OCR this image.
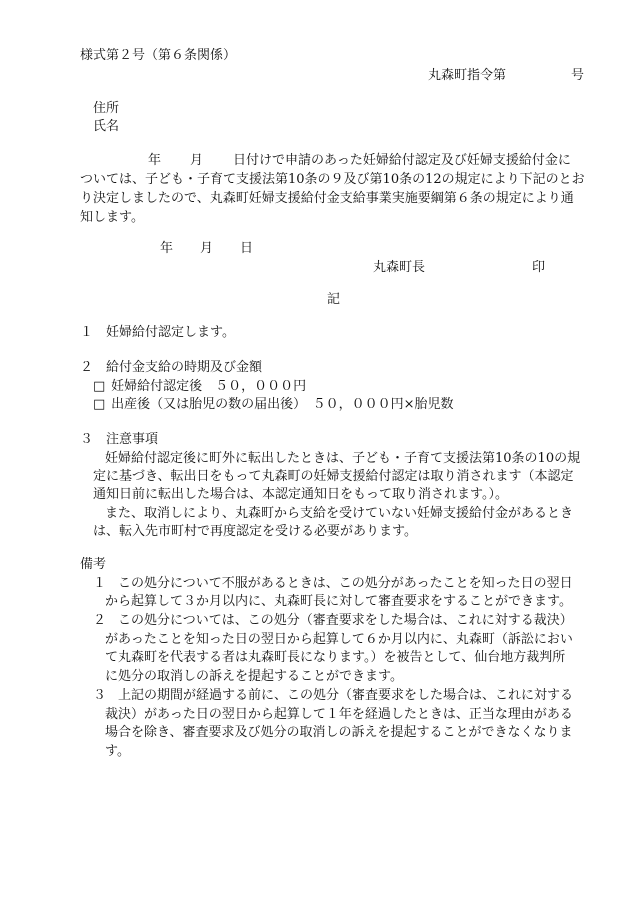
様式第２号（第６条関係）
丸森町指令第	号
住所
氏名
年 月 日付けで申請のあった妊婦給付認定及び妊婦支援給付金に
ついては、子ども・子育て支援法第10条の９及び第10条の12の規定により下記のとお
り決定しましたので、丸森町妊婦支援給付金支給事業実施要綱第６条の規定により通
知します。
年 月 日
丸森町長	印
記
１　妊婦給付認定します。
２　給付金支給の時期及び金額
□ 妊婦給付認定後　５０，０００円
□ 出産後（又は胎児の数の届出後）　５０，０００円×胎児数
３　注意事項
妊婦給付認定後に町外に転出したときは、子ども・子育て支援法第10条の10の規
定に基づき、転出日をもって丸森町の妊婦支援給付認定は取り消されます（本認定
通知日前に転出した場合は、本認定通知日をもって取り消されます。）。
また、取消しにより、丸森町から支給を受けていない妊婦支援給付金があるとき
は、転入先市町村で再度認定を受ける必要があります。
備考
１ この処分について不服があるときは、この処分があったことを知った日の翌日
から起算して３か月以内に、丸森町長に対して審査要求をすることができます。
２ この処分については、この処分（審査要求をした場合は、これに対する裁決）
があったことを知った日の翌日から起算して６か月以内に、丸森町（訴訟におい
て丸森町を代表する者は丸森町長になります。）を被告として、仙台地方裁判所
に処分の取消しの訴えを提起することができます。
３ 上記の期間が経過する前に、この処分（審査要求をした場合は、これに対する
裁決）があった日の翌日から起算して１年を経過したときは、正当な理由がある
場合を除き、審査要求及び処分の取消しの訴えを提起することができなくなりま
す。
